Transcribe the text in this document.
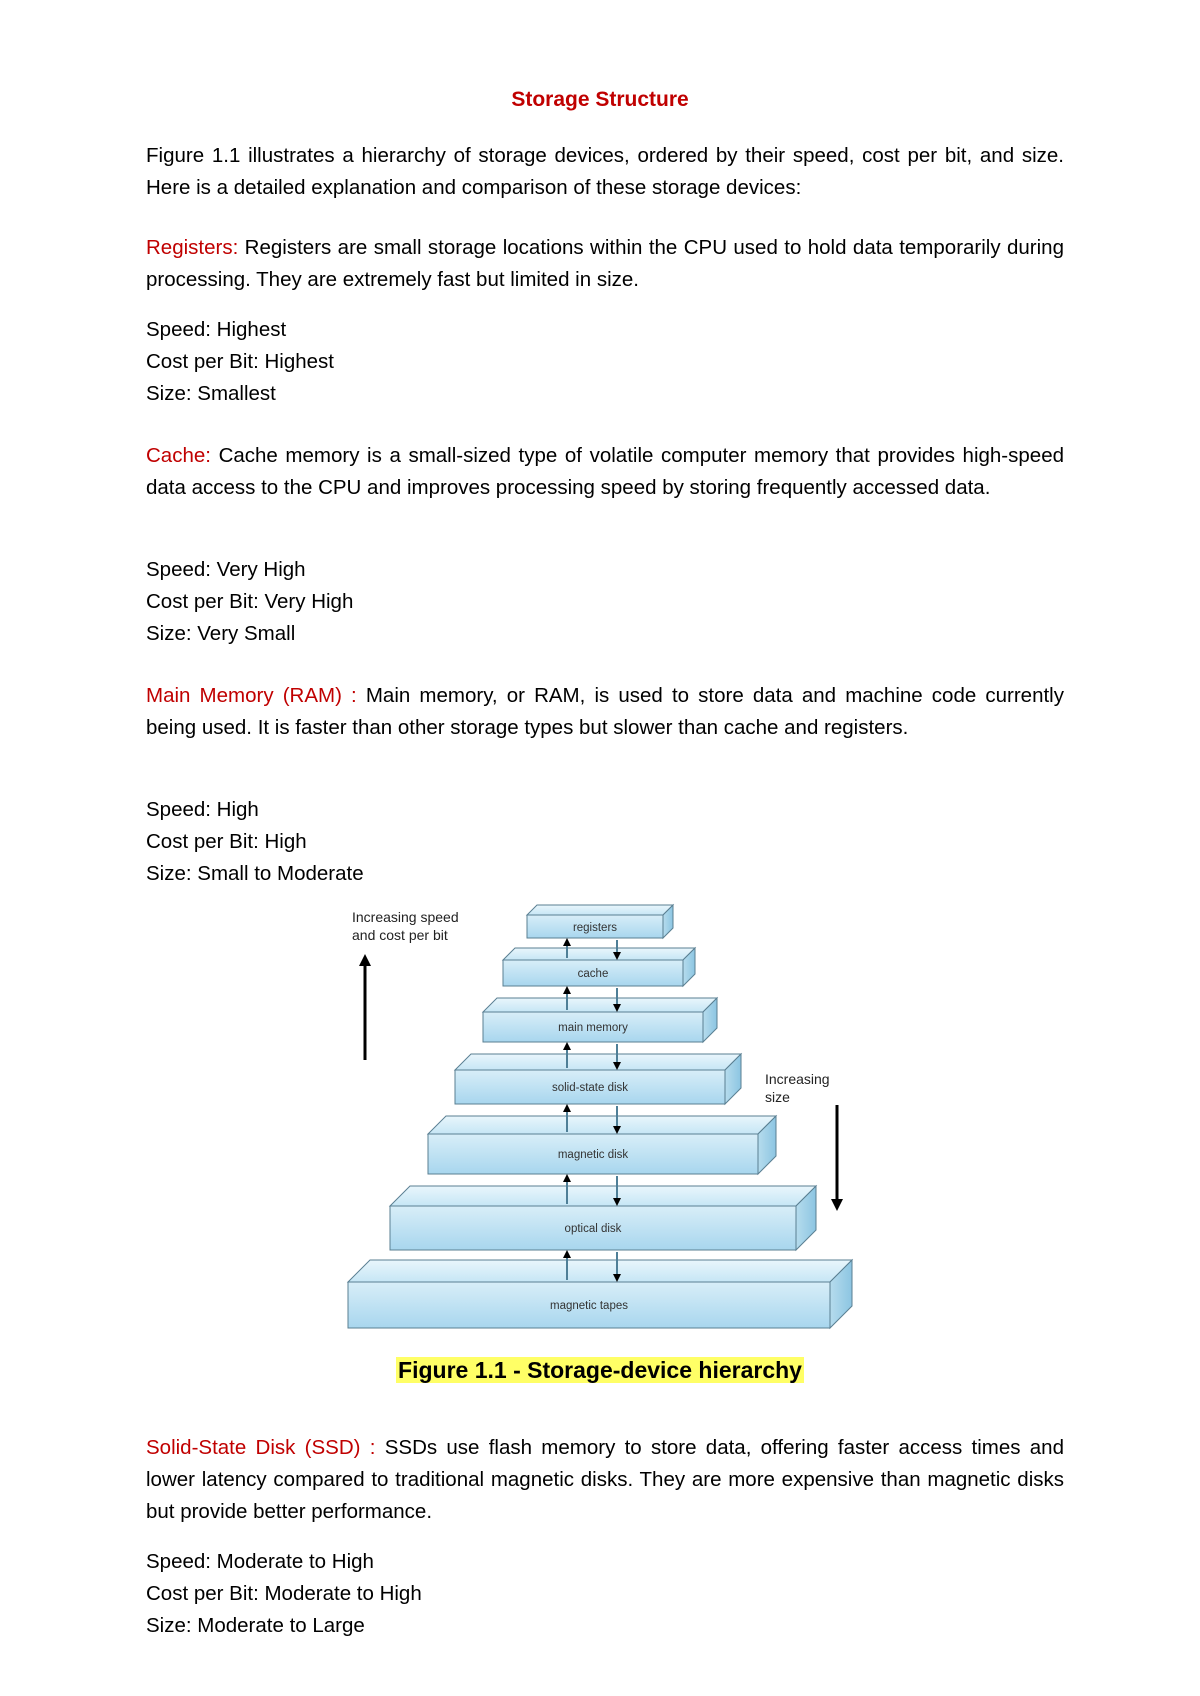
Storage Structure

Figure 1.1 illustrates a hierarchy of storage devices, ordered by their speed, cost per bit, and size. Here is a detailed explanation and comparison of these storage devices:

Registers: Registers are small storage locations within the CPU used to hold data temporarily during processing. They are extremely fast but limited in size.

Speed: Highest
Cost per Bit: Highest
Size: Smallest

Cache: Cache memory is a small-sized type of volatile computer memory that provides high-speed data access to the CPU and improves processing speed by storing frequently accessed data.

Speed: Very High
Cost per Bit: Very High
Size: Very Small

Main Memory (RAM) : Main memory, or RAM, is used to store data and machine code currently being used. It is faster than other storage types but slower than cache and registers.

Speed: High
Cost per Bit: High
Size: Small to Moderate
Increasing speed
and cost per bit
Increasing
size
registers
cache
main memory
solid-state disk
magnetic disk
optical disk
magnetic tapes
Figure 1.1 - Storage-device hierarchy

Solid-State Disk (SSD) : SSDs use flash memory to store data, offering faster access times and lower latency compared to traditional magnetic disks. They are more expensive than magnetic disks but provide better performance.

Speed: Moderate to High
Cost per Bit: Moderate to High
Size: Moderate to Large
